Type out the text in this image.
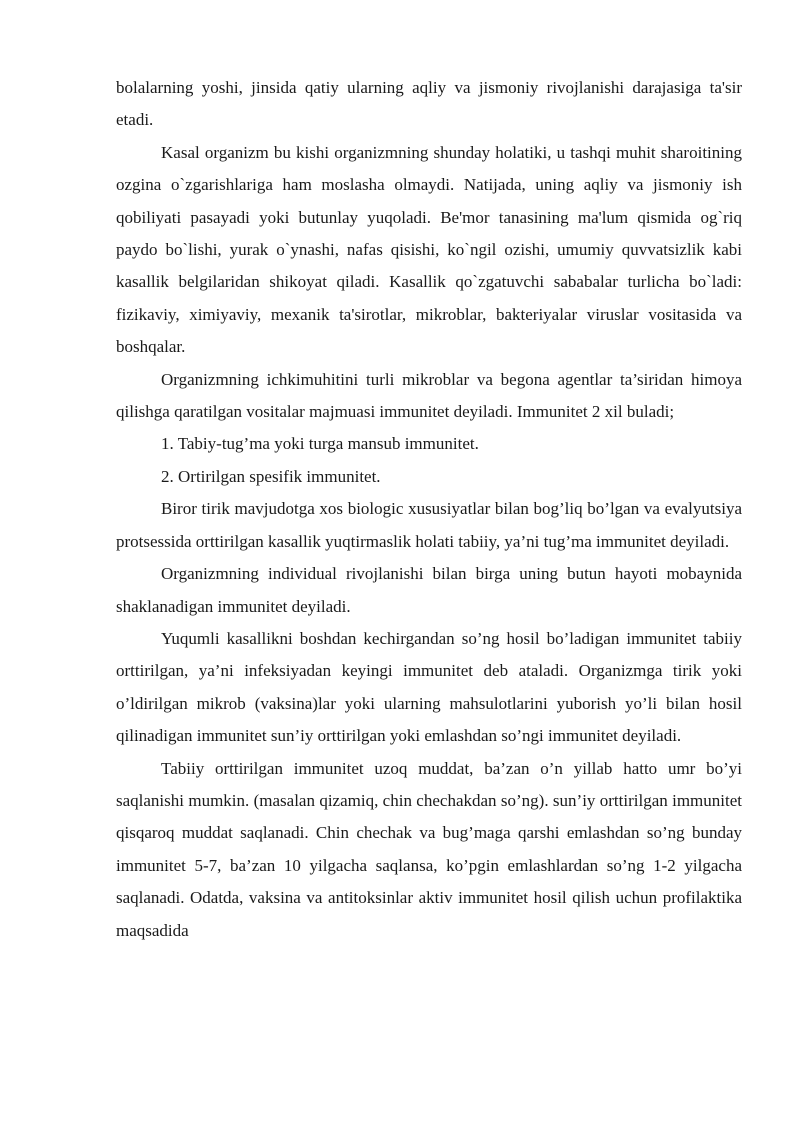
bolalarning yoshi, jinsida qatiy ularning aqliy va jismoniy rivojlanishi darajasiga ta'sir etadi.

Kasal organizm bu kishi organizmning shunday holatiki, u tashqi muhit sharoitining ozgina o`zgarishlariga ham moslasha olmaydi. Natijada, uning aqliy va jismoniy ish qobiliyati pasayadi yoki butunlay yuqoladi. Be'mor tanasining ma'lum qismida og`riq paydo bo`lishi, yurak o`ynashi, nafas qisishi, ko`ngil ozishi, umumiy quvvatsizlik kabi kasallik belgilaridan shikoyat qiladi. Kasallik qo`zgatuvchi sababalar turlicha bo`ladi: fizikaviy, ximiyaviy, mexanik ta'sirotlar, mikroblar, bakteriyalar viruslar vositasida va boshqalar.

Organizmning ichkimuhitini turli mikroblar va begona agentlar ta’siridan himoya qilishga qaratilgan vositalar majmuasi immunitet deyiladi. Immunitet 2 xil buladi;

1. Tabiy-tug’ma yoki turga mansub immunitet.

2. Ortirilgan spesifik immunitet.

Biror tirik mavjudotga xos biologic xususiyatlar bilan bog’liq bo’lgan va evalyutsiya protsessida orttirilgan kasallik yuqtirmaslik holati tabiiy, ya’ni tug’ma immunitet deyiladi.

Organizmning individual rivojlanishi bilan birga uning butun hayoti mobaynida shaklanadigan immunitet deyiladi.

Yuqumli kasallikni boshdan kechirgandan so’ng hosil bo’ladigan immunitet tabiiy orttirilgan, ya’ni infeksiyadan keyingi immunitet deb ataladi. Organizmga tirik yoki o’ldirilgan mikrob (vaksina)lar yoki ularning mahsulotlarini yuborish yo’li bilan hosil qilinadigan immunitet sun’iy orttirilgan yoki emlashdan so’ngi immunitet deyiladi.

Tabiiy orttirilgan immunitet uzoq muddat, ba’zan o’n yillab hatto umr bo’yi saqlanishi mumkin. (masalan qizamiq, chin chechakdan so’ng). sun’iy orttirilgan immunitet qisqaroq muddat saqlanadi. Chin chechak va bug’maga qarshi emlashdan so’ng bunday immunitet 5-7, ba’zan 10 yilgacha saqlansa, ko’pgin emlashlardan so’ng 1-2 yilgacha saqlanadi. Odatda, vaksina va antitoksinlar aktiv immunitet hosil qilish uchun profilaktika maqsadida
